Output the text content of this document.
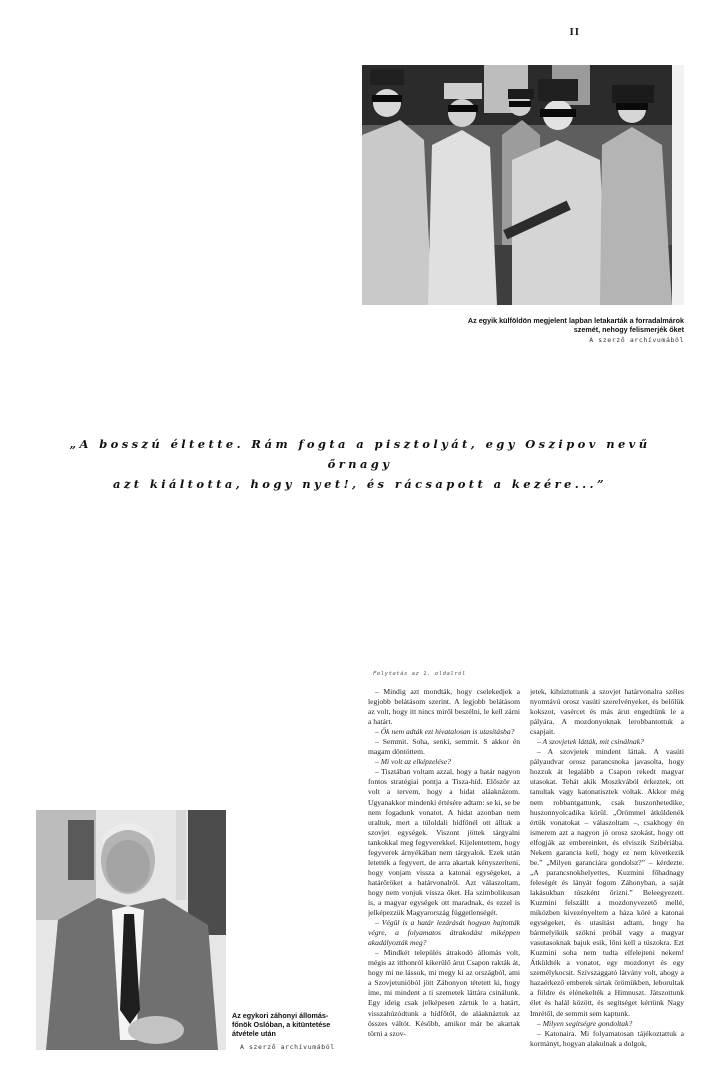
II
Az egyik külföldön megjelent lapban letakarták a forradalmárok
szemét, nehogy felismerjék őket
A szerző archívumából
„A bosszú éltette. Rám fogta a pisztolyát, egy Oszipov nevű őrnagy
azt kiáltotta, hogy nyet!, és rácsapott a kezére...”
Folytatás az 1. oldalról
Az egykori záhonyi állomás-
főnök Oslóban, a kitüntetése
átvétele után
A szerző archívumából

– Mindig azt mondták, hogy cselekedjek a legjobb belátásom szerint. A legjobb belátásom az volt, hogy itt nincs miről beszélni, le kell zárni a határt.

– Ők nem adták ezt hivatalosan is utasításba?

– Semmit. Soha, senki, semmit. S akkor én magam döntöttem.

– Mi volt az elképzelése?

– Tisztában voltam azzal, hogy a határ nagyon fontos stratégiai pontja a Tisza-híd. Először az volt a tervem, hogy a hidat aláaknázom. Ugyanakkor mindenki értésére adtam: se ki, se be nem fogadunk vonatot. A hidat azonban nem uraltuk, mert a túloldali hídfőnél ott álltak a szovjet egységek. Viszont jöttek tárgyalni tankokkal meg fegyverekkel. Kijelentettem, hogy fegyverek árnyékában nem tárgyalok. Ezek után letették a fegyvert, de arra akartak kényszeríteni, hogy vonjam vissza a katonai egységeket, a határőröket a határvonalról. Azt válaszoltam, hogy nem vonjuk vissza őket. Ha szimbolikusan is, a magyar egységek ott maradnak, és ezzel is jelképezzük Magyarország függetlenségét.

– Végül is a határ lezárását hogyan hajtották végre, a folyamatos átrakodást miképpen akadályozták meg?

– Mindkét település átrakodó állomás volt, mégis az itthonról kikerülő árut Csapon rakták át, hogy mi ne lássuk, mi megy ki az országból, ami a Szovjetunióból jött Záhonyon tétetett ki, hogy íme, mi mindent a ti szemetek láttára csinálunk. Egy ideig csak jelképesen zártuk le a határt, visszahúzódtunk a hídfőtől, de aláaknáztuk az összes váltót. Később, amikor már be akartak törni a szov-

jetek, kihúztuttunk a szovjet határvonalra széles nyomtávú orosz vasúti szerelvényeket, és belőlük kokszot, vasércet és más árut engedtünk le a pályára. A mozdonyoknak lerobbantottuk a csapjait.

– A szovjetek látták, mit csinálnak?

– A szovjetek mindent láttak. A vasúti pályaudvar orosz parancsnoka javasolta, hogy hozzuk át legalább a Csapon rekedt magyar utasokat. Tehát akik Moszkvából érkeztek, ott tanultak vagy katonatisztek voltak. Akkor még nem robbantgattunk, csak huszonhetedike, huszonnyolcadika körül. „Örömmel átküldenék értük vonatokat – válaszoltam –, csakhogy én ismerem azt a nagyon jó orosz szokást, hogy ott elfogják az embereinket, és elviszik Szibériába. Nekem garancia kell, hogy ez nem következik be.” „Milyen garanciára gondolsz?” – kérdezte. „A parancsnokhelyettes, Kuzmini főhadnagy feleségét és lányát fogom Záhonyban, a saját lakásukban túszként őrizni.” Beleegyezett. Kuzmini felszállt a mozdonyvezető mellé, miközben kivezényeltem a háza köré a katonai egységeket, és utasítást adtam, hogy ha bármelyikük szökni próbál vagy a magyar vasutasoknak bajuk esik, lőni kell a túszokra. Ezt Kuzmini soha nem tudta elfelejteni nekem! Átküldték a vonatot, egy mozdonyt és egy személykocsit. Szívszaggató látvány volt, ahogy a hazaérkező emberek sírtak örömükben, leborultak a földre és elénekelték a Himnuszt. Játszottunk élet és halál között, és segítséget kértünk Nagy Imrétől, de semmit sem kaptunk.

– Milyen segítségre gondoltak?

– Katonaira. Mi folyamatosan tájékoztattuk a kormányt, hogyan alakulnak a dolgok,
